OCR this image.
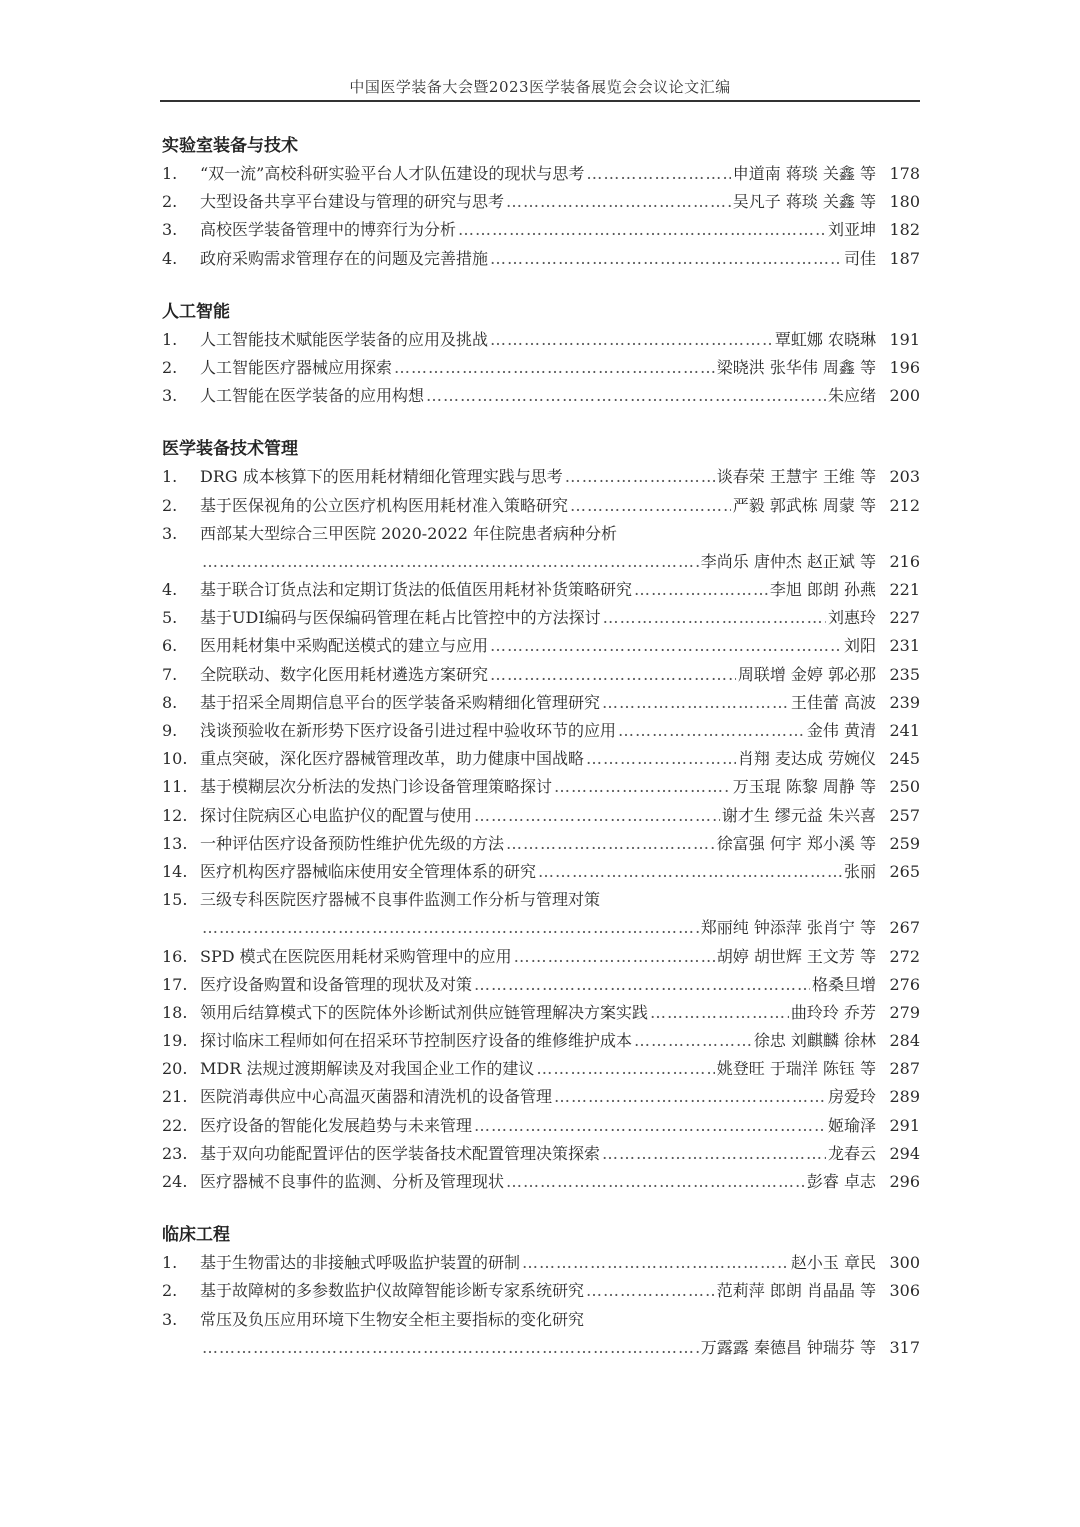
中国医学装备大会暨2023医学装备展览会会议论文汇编
实验室装备与技术
1.	“双一流”高校科研实验平台人才队伍建设的现状与思考 ……………………………………………………………………………………………………………………………………………………	申道南 蒋琰 关鑫 等 178
2.	大型设备共享平台建设与管理的研究与思考 ……………………………………………………………………………………………………………………………………………………	吴凡子 蒋琰 关鑫 等 180
3.	高校医学装备管理中的博弈行为分析 ……………………………………………………………………………………………………………………………………………………	刘亚坤 182
4.	政府采购需求管理存在的问题及完善措施 ……………………………………………………………………………………………………………………………………………………	司佳 187
人工智能
1.	人工智能技术赋能医学装备的应用及挑战 ……………………………………………………………………………………………………………………………………………………	覃虹娜 农晓琳 191
2.	人工智能医疗器械应用探索 ……………………………………………………………………………………………………………………………………………………	梁晓洪 张华伟 周鑫 等 196
3.	人工智能在医学装备的应用构想 ……………………………………………………………………………………………………………………………………………………	朱应绪 200
医学装备技术管理
1.	DRG 成本核算下的医用耗材精细化管理实践与思考 ……………………………………………………………………………………………………………………………………………………	谈春荣 王慧宇 王维 等 203
2.	基于医保视角的公立医疗机构医用耗材准入策略研究 ……………………………………………………………………………………………………………………………………………………	严毅 郭武栋 周蒙 等 212
3.	西部某大型综合三甲医院 2020-2022 年住院患者病种分析
……………………………………………………………………………………………………………………………………………………
李尚乐 唐仲杰 赵正斌 等 216
4.	基于联合订货点法和定期订货法的低值医用耗材补货策略研究 ……………………………………………………………………………………………………………………………………………………	李旭 郎朗 孙燕 221
5.	基于UDI编码与医保编码管理在耗占比管控中的方法探讨 ……………………………………………………………………………………………………………………………………………………	刘惠玲 227
6.	医用耗材集中采购配送模式的建立与应用 ……………………………………………………………………………………………………………………………………………………	刘阳 231
7.	全院联动、数字化医用耗材遴选方案研究 ……………………………………………………………………………………………………………………………………………………	周联增 金婷 郭必那 235
8.	基于招采全周期信息平台的医学装备采购精细化管理研究 ……………………………………………………………………………………………………………………………………………………	王佳蕾 高波 239
9.	浅谈预验收在新形势下医疗设备引进过程中验收环节的应用 ……………………………………………………………………………………………………………………………………………………	金伟 黄清 241
10. 重点突破，深化医疗器械管理改革，助力健康中国战略 ……………………………………………………………………………………………………………………………………………………	肖翔 麦达成 劳婉仪 245
11. 基于模糊层次分析法的发热门诊设备管理策略探讨 ……………………………………………………………………………………………………………………………………………………	万玉琨 陈黎 周静 等 250
12. 探讨住院病区心电监护仪的配置与使用 ……………………………………………………………………………………………………………………………………………………	谢才生 缪元益 朱兴喜 257
13. 一种评估医疗设备预防性维护优先级的方法 ……………………………………………………………………………………………………………………………………………………	徐富强 何宇 郑小溪 等 259
14. 医疗机构医疗器械临床使用安全管理体系的研究 ……………………………………………………………………………………………………………………………………………………	张丽 265
15. 三级专科医院医疗器械不良事件监测工作分析与管理对策
……………………………………………………………………………………………………………………………………………………
郑丽纯 钟添萍 张肖宁 等 267
16. SPD 模式在医院医用耗材采购管理中的应用 ……………………………………………………………………………………………………………………………………………………	胡婷 胡世辉 王文芳 等 272
17. 医疗设备购置和设备管理的现状及对策 ……………………………………………………………………………………………………………………………………………………	格桑旦增 276
18. 领用后结算模式下的医院体外诊断试剂供应链管理解决方案实践 ……………………………………………………………………………………………………………………………………………………	曲玲玲 乔芳 279
19. 探讨临床工程师如何在招采环节控制医疗设备的维修维护成本 ……………………………………………………………………………………………………………………………………………………	徐忠 刘麒麟 徐林 284
20. MDR 法规过渡期解读及对我国企业工作的建议 ……………………………………………………………………………………………………………………………………………………	姚登旺 于瑞洋 陈钰 等 287
21. 医院消毒供应中心高温灭菌器和清洗机的设备管理 ……………………………………………………………………………………………………………………………………………………	房爱玲 289
22. 医疗设备的智能化发展趋势与未来管理 ……………………………………………………………………………………………………………………………………………………	姬瑜泽 291
23. 基于双向功能配置评估的医学装备技术配置管理决策探索 ……………………………………………………………………………………………………………………………………………………	龙春云 294
24. 医疗器械不良事件的监测、分析及管理现状 ……………………………………………………………………………………………………………………………………………………	彭睿 卓志 296
临床工程
1.	基于生物雷达的非接触式呼吸监护装置的研制 ……………………………………………………………………………………………………………………………………………………	赵小玉 章民 300
2.	基于故障树的多参数监护仪故障智能诊断专家系统研究 ……………………………………………………………………………………………………………………………………………………	范莉萍 郎朗 肖晶晶 等 306
3.	常压及负压应用环境下生物安全柜主要指标的变化研究
……………………………………………………………………………………………………………………………………………………
万露露 秦德昌 钟瑞芬 等 317
